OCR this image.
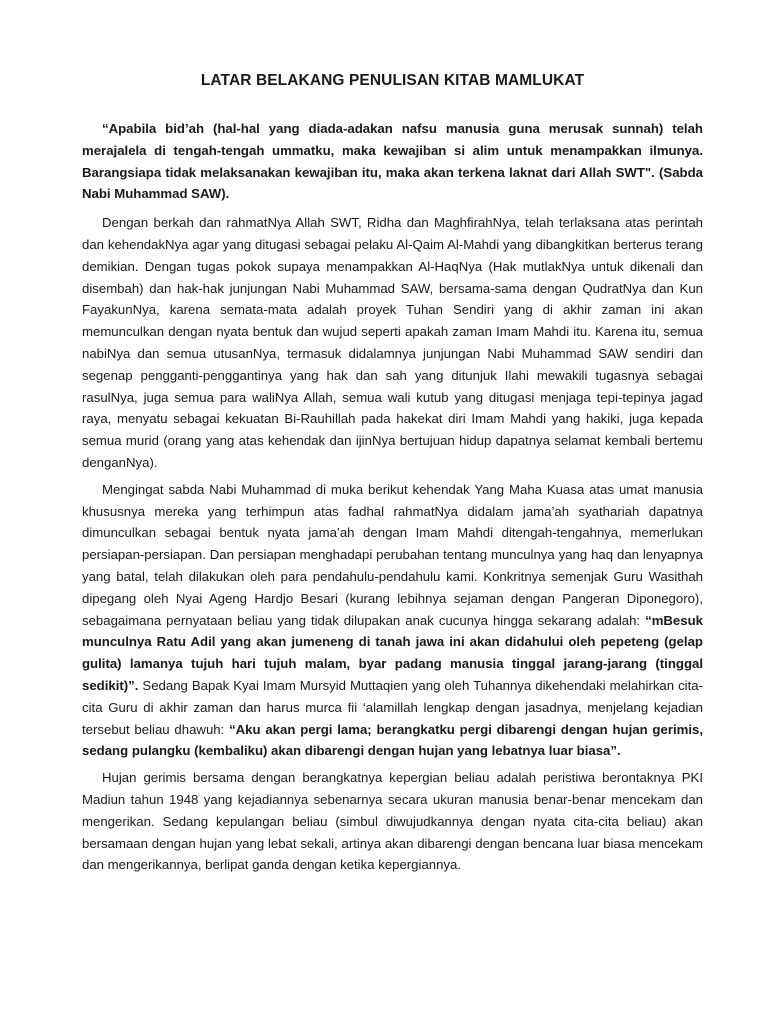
LATAR BELAKANG PENULISAN KITAB MAMLUKAT

“Apabila bid’ah (hal-hal yang diada-adakan nafsu manusia guna merusak sunnah) telah merajalela di tengah-tengah ummatku, maka kewajiban si alim untuk menampakkan ilmunya. Barangsiapa tidak melaksanakan kewajiban itu, maka akan terkena laknat dari Allah SWT". (Sabda Nabi Muhammad SAW).

Dengan berkah dan rahmatNya Allah SWT, Ridha dan MaghfirahNya, telah terlaksana atas perintah dan kehendakNya agar yang ditugasi sebagai pelaku Al-Qaim Al-Mahdi yang dibangkitkan berterus terang demikian. Dengan tugas pokok supaya menampakkan Al-HaqNya (Hak mutlakNya untuk dikenali dan disembah) dan hak-hak junjungan Nabi Muhammad SAW, bersama-sama dengan QudratNya dan Kun FayakunNya, karena semata-mata adalah proyek Tuhan Sendiri yang di akhir zaman ini akan memunculkan dengan nyata bentuk dan wujud seperti apakah zaman Imam Mahdi itu. Karena itu, semua nabiNya dan semua utusanNya, termasuk didalamnya junjungan Nabi Muhammad SAW sendiri dan segenap pengganti-penggantinya yang hak dan sah yang ditunjuk Ilahi mewakili tugasnya sebagai rasulNya, juga semua para waliNya Allah, semua wali kutub yang ditugasi menjaga tepi-tepinya jagad raya, menyatu sebagai kekuatan Bi-Rauhillah pada hakekat diri Imam Mahdi yang hakiki, juga kepada semua murid (orang yang atas kehendak dan ijinNya bertujuan hidup dapatnya selamat kembali bertemu denganNya).

Mengingat sabda Nabi Muhammad di muka berikut kehendak Yang Maha Kuasa atas umat manusia khususnya mereka yang terhimpun atas fadhal rahmatNya didalam jama’ah syathariah dapatnya dimunculkan sebagai bentuk nyata jama’ah dengan Imam Mahdi ditengah-tengahnya, memerlukan persiapan-persiapan. Dan persiapan menghadapi perubahan tentang munculnya yang haq dan lenyapnya yang batal, telah dilakukan oleh para pendahulu-pendahulu kami. Konkritnya semenjak Guru Wasithah dipegang oleh Nyai Ageng Hardjo Besari (kurang lebihnya sejaman dengan Pangeran Diponegoro), sebagaimana pernyataan beliau yang tidak dilupakan anak cucunya hingga sekarang adalah: “mBesuk munculnya Ratu Adil yang akan jumeneng di tanah jawa ini akan didahului oleh pepeteng (gelap gulita) lamanya tujuh hari tujuh malam, byar padang manusia tinggal jarang-jarang (tinggal sedikit)”. Sedang Bapak Kyai Imam Mursyid Muttaqien yang oleh Tuhannya dikehendaki melahirkan cita-cita Guru di akhir zaman dan harus murca fii ‘alamillah lengkap dengan jasadnya, menjelang kejadian tersebut beliau dhawuh: “Aku akan pergi lama; berangkatku pergi dibarengi dengan hujan gerimis, sedang pulangku (kembaliku) akan dibarengi dengan hujan yang lebatnya luar biasa”.

Hujan gerimis bersama dengan berangkatnya kepergian beliau adalah peristiwa berontaknya PKI Madiun tahun 1948 yang kejadiannya sebenarnya secara ukuran manusia benar-benar mencekam dan mengerikan. Sedang kepulangan beliau (simbul diwujudkannya dengan nyata cita-cita beliau) akan bersamaan dengan hujan yang lebat sekali, artinya akan dibarengi dengan bencana luar biasa mencekam dan mengerikannya, berlipat ganda dengan ketika kepergiannya.
